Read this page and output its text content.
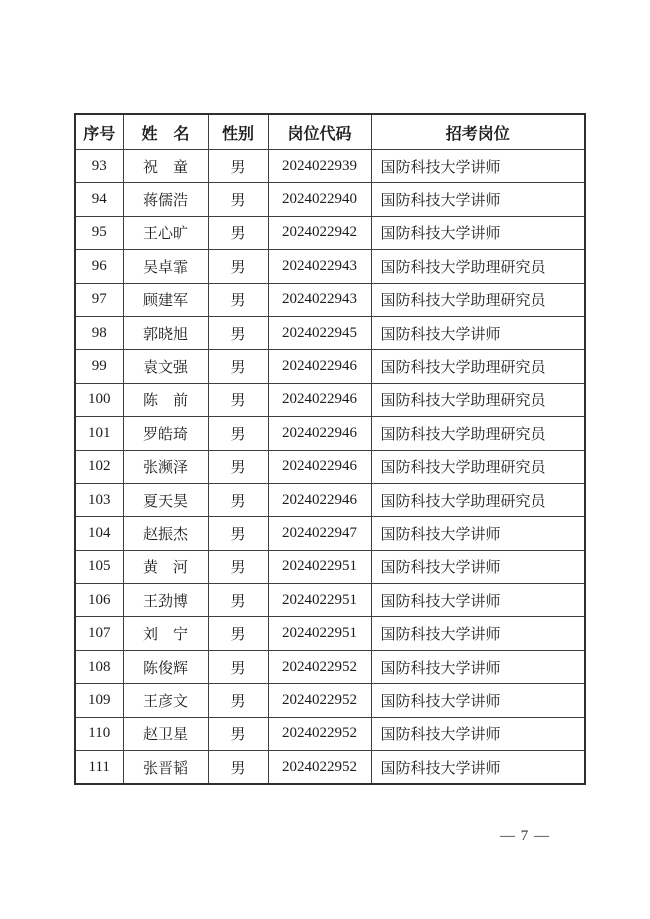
序号	姓　名	性别	岗位代码	招考岗位
93	祝　童	男	2024022939	国防科技大学讲师
94	蒋儒浩	男	2024022940	国防科技大学讲师
95	王心旷	男	2024022942	国防科技大学讲师
96	吴卓霏	男	2024022943	国防科技大学助理研究员
97	顾建军	男	2024022943	国防科技大学助理研究员
98	郭晓旭	男	2024022945	国防科技大学讲师
99	袁文强	男	2024022946	国防科技大学助理研究员
100	陈　前	男	2024022946	国防科技大学助理研究员
101	罗皓琦	男	2024022946	国防科技大学助理研究员
102	张濒泽	男	2024022946	国防科技大学助理研究员
103	夏天昊	男	2024022946	国防科技大学助理研究员
104	赵振杰	男	2024022947	国防科技大学讲师
105	黄　河	男	2024022951	国防科技大学讲师
106	王劲博	男	2024022951	国防科技大学讲师
107	刘　宁	男	2024022951	国防科技大学讲师
108	陈俊辉	男	2024022952	国防科技大学讲师
109	王彦文	男	2024022952	国防科技大学讲师
110	赵卫星	男	2024022952	国防科技大学讲师
111	张晋韬	男	2024022952	国防科技大学讲师
— 7 —
